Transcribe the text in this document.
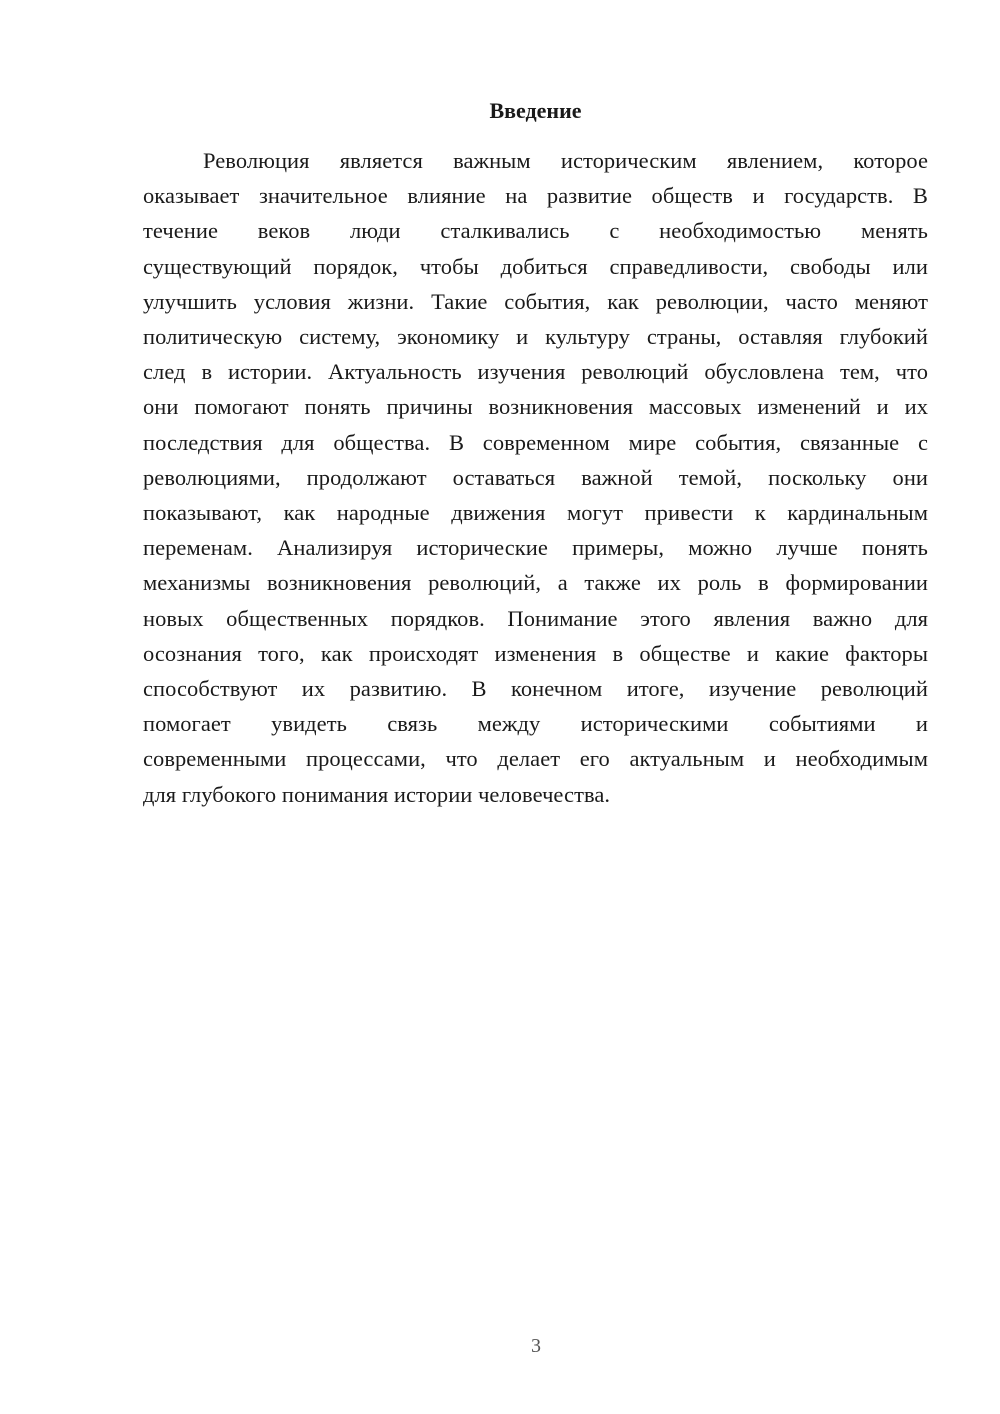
Введение
Революция является важным историческим явлением, которое
оказывает значительное влияние на развитие обществ и государств. В
течение веков люди сталкивались с необходимостью менять
существующий порядок, чтобы добиться справедливости, свободы или
улучшить условия жизни. Такие события, как революции, часто меняют
политическую систему, экономику и культуру страны, оставляя глубокий
след в истории. Актуальность изучения революций обусловлена тем, что
они помогают понять причины возникновения массовых изменений и их
последствия для общества. В современном мире события, связанные с
революциями, продолжают оставаться важной темой, поскольку они
показывают, как народные движения могут привести к кардинальным
переменам. Анализируя исторические примеры, можно лучше понять
механизмы возникновения революций, а также их роль в формировании
новых общественных порядков. Понимание этого явления важно для
осознания того, как происходят изменения в обществе и какие факторы
способствуют их развитию. В конечном итоге, изучение революций
помогает увидеть связь между историческими событиями и
современными процессами, что делает его актуальным и необходимым
для глубокого понимания истории человечества.
3
